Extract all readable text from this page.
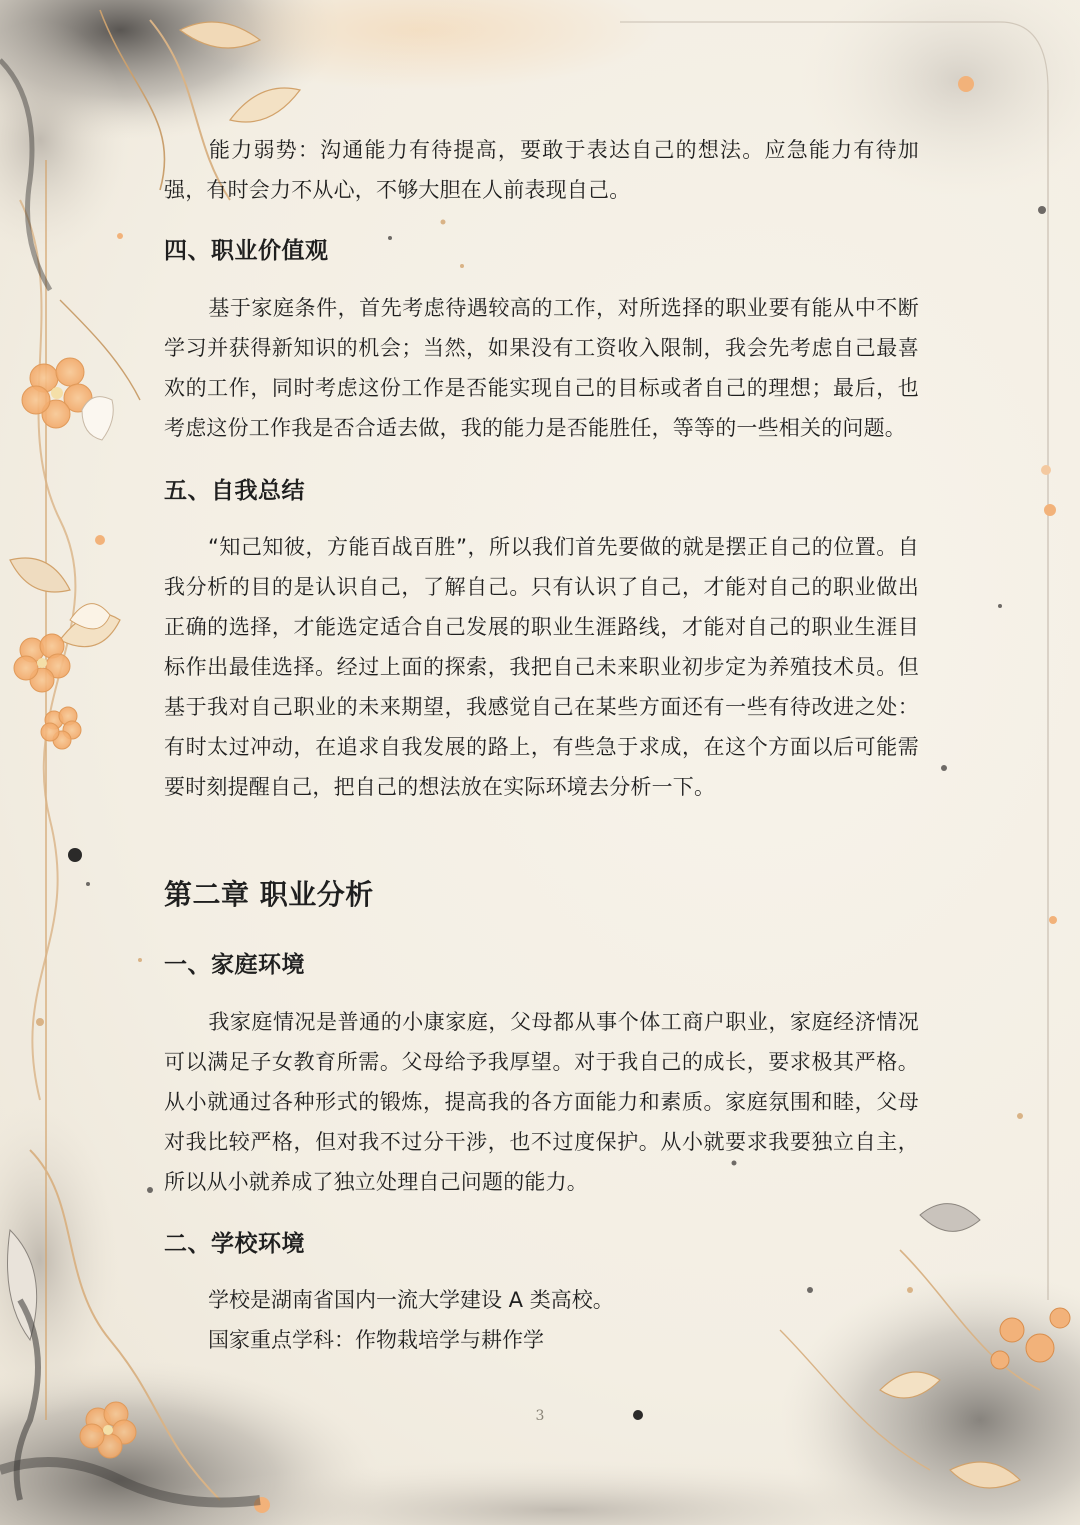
能力弱势：沟通能力有待提高，要敢于表达自己的想法。应急能力有待加强，有时会力不从心，不够大胆在人前表现自己。

四、职业价值观

基于家庭条件，首先考虑待遇较高的工作，对所选择的职业要有能从中不断学习并获得新知识的机会；当然，如果没有工资收入限制，我会先考虑自己最喜欢的工作，同时考虑这份工作是否能实现自己的目标或者自己的理想；最后，也考虑这份工作我是否合适去做，我的能力是否能胜任，等等的一些相关的问题。

五、自我总结

“知己知彼，方能百战百胜”，所以我们首先要做的就是摆正自己的位置。自我分析的目的是认识自己，了解自己。只有认识了自己，才能对自己的职业做出正确的选择，才能选定适合自己发展的职业生涯路线，才能对自己的职业生涯目标作出最佳选择。经过上面的探索，我把自己未来职业初步定为养殖技术员。但基于我对自己职业的未来期望，我感觉自己在某些方面还有一些有待改进之处：有时太过冲动，在追求自我发展的路上，有些急于求成，在这个方面以后可能需要时刻提醒自己，把自己的想法放在实际环境去分析一下。

第二章 职业分析
一、家庭环境

我家庭情况是普通的小康家庭，父母都从事个体工商户职业，家庭经济情况可以满足子女教育所需。父母给予我厚望。对于我自己的成长，要求极其严格。从小就通过各种形式的锻炼，提高我的各方面能力和素质。家庭氛围和睦，父母对我比较严格，但对我不过分干涉，也不过度保护。从小就要求我要独立自主，所以从小就养成了独立处理自己问题的能力。

二、学校环境

学校是湖南省国内一流大学建设 A 类高校。

国家重点学科：作物栽培学与耕作学

3
